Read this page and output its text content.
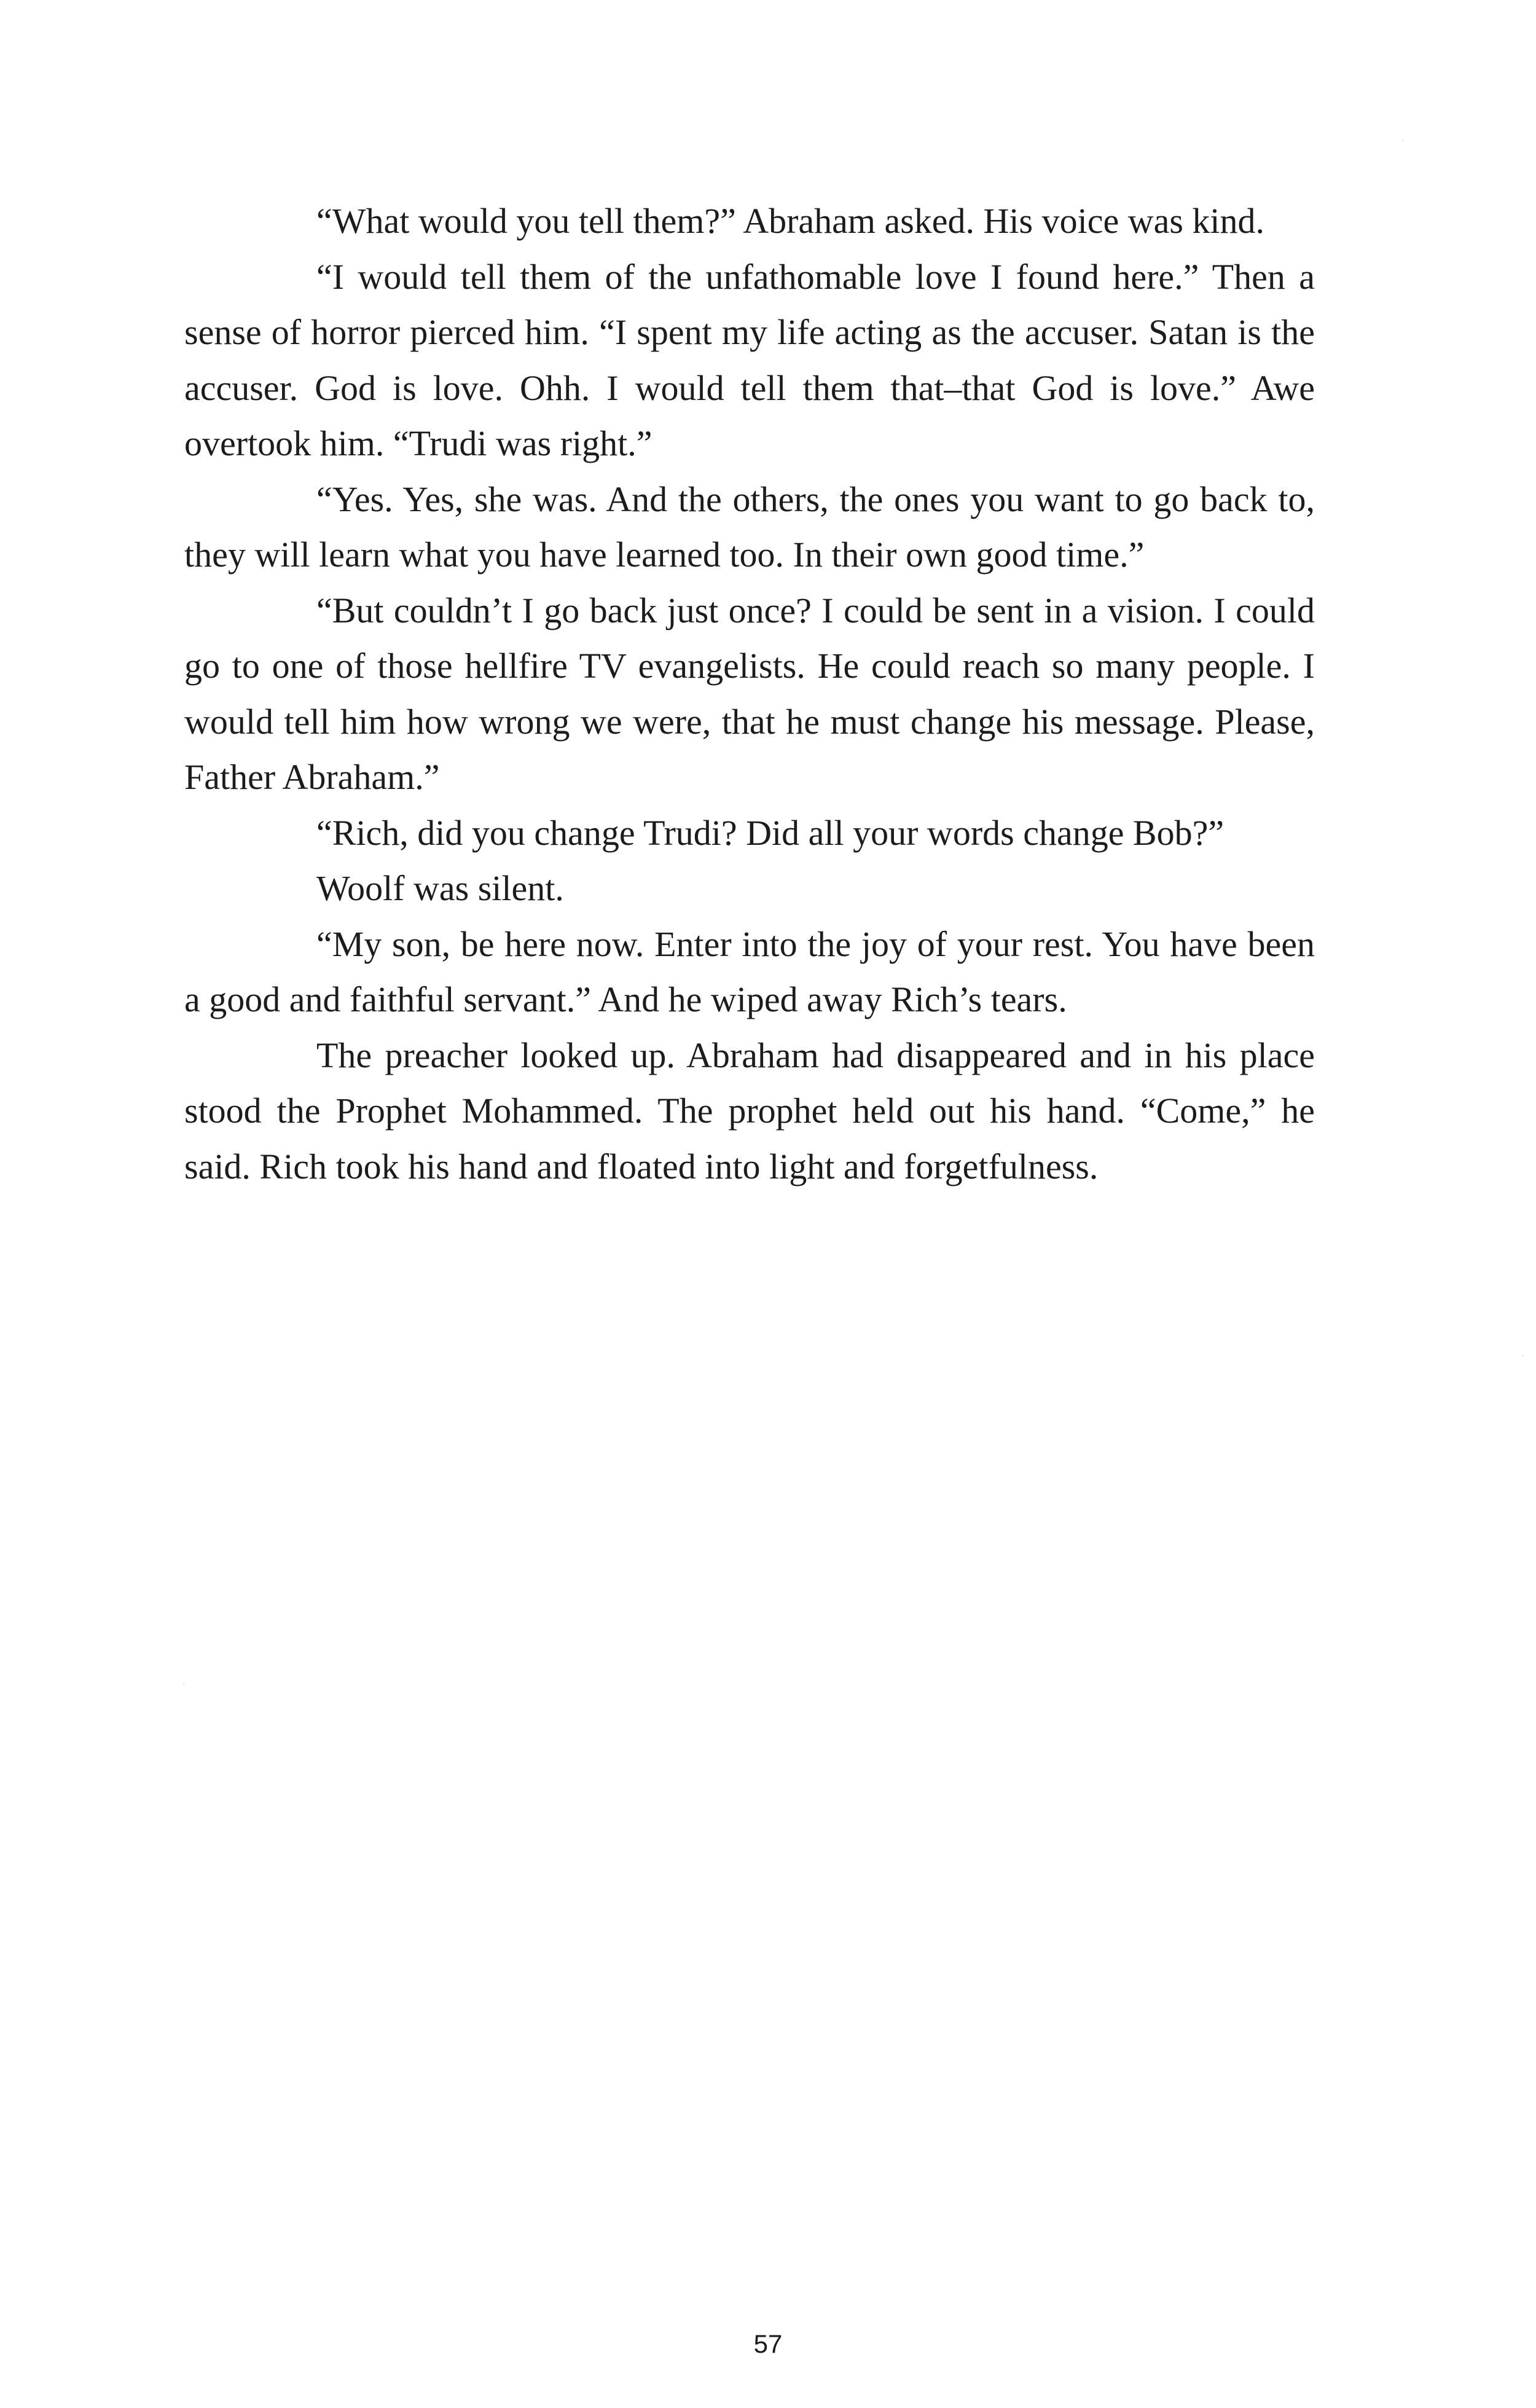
“What would you tell them?” Abraham asked. His voice was kind.

“I would tell them of the unfathomable love I found here.” Then a sense of horror pierced him. “I spent my life acting as the accuser. Satan is the accuser. God is love. Ohh. I would tell them that–that God is love.” Awe overtook him. “Trudi was right.”

“Yes. Yes, she was. And the others, the ones you want to go back to, they will learn what you have learned too. In their own good time.”

“But couldn’t I go back just once? I could be sent in a vision. I could go to one of those hellfire TV evangelists. He could reach so many people. I would tell him how wrong we were, that he must change his message. Please, Father Abraham.”

“Rich, did you change Trudi? Did all your words change Bob?”

Woolf was silent.

“My son, be here now. Enter into the joy of your rest. You have been a good and faithful servant.” And he wiped away Rich’s tears.

The preacher looked up. Abraham had disappeared and in his place stood the Prophet Mohammed. The prophet held out his hand. “Come,” he said. Rich took his hand and floated into light and forgetfulness.

57
